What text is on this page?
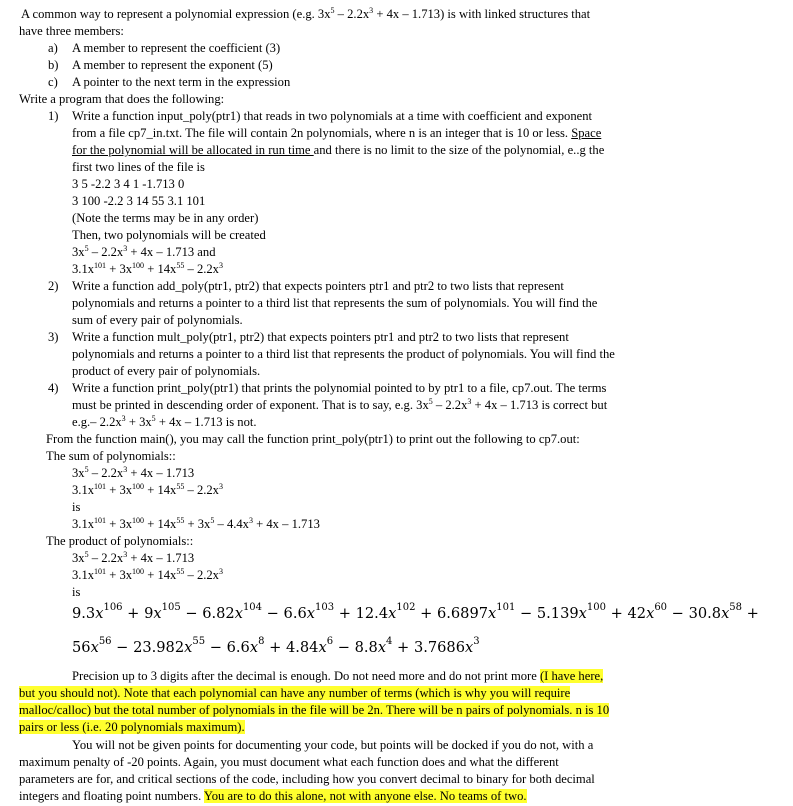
A common way to represent a polynomial expression (e.g. $3x^5 - 2.2x^3 + 4x - 1.713$) is with linked structures that
have three members:
a) A member to represent the coefficient (3)
b) A member to represent the exponent (5)
c) A pointer to the next term in the expression
Write a program that does the following:
1) Write a function input_poly(ptr1) that reads in two polynomials at a time with coefficient and exponent
from a file cp7_in.txt. The file will contain 2n polynomials, where n is an integer that is 10 or less. Space
for the polynomial will be allocated in run time and there is no limit to the size of the polynomial, e..g the
first two lines of the file is
3 5 -2.2 3 4 1 -1.713 0
3 100 -2.2 3 14 55 3.1 101
(Note the terms may be in any order)
Then, two polynomials will be created
$3x^5 - 2.2x^3 + 4x - 1.713$ and
$3.1x^{101} + 3x^{100} + 14x^{55} - 2.2x^3$
2) Write a function add_poly(ptr1, ptr2) that expects pointers ptr1 and ptr2 to two lists that represent
polynomials and returns a pointer to a third list that represents the sum of polynomials. You will find the
sum of every pair of polynomials.
3) Write a function mult_poly(ptr1, ptr2) that expects pointers ptr1 and ptr2 to two lists that represent
polynomials and returns a pointer to a third list that represents the product of polynomials. You will find the
product of every pair of polynomials.
4) Write a function print_poly(ptr1) that prints the polynomial pointed to by ptr1 to a file, cp7.out. The terms
must be printed in descending order of exponent. That is to say, e.g. $3x^5 - 2.2x^3 + 4x - 1.713$ is correct but
e.g.– $2.2x^3 + 3x^5 + 4x - 1.713$ is not.
From the function main(), you may call the function print_poly(ptr1) to print out the following to cp7.out:
The sum of polynomials::
$3x^5 - 2.2x^3 + 4x - 1.713$
$3.1x^{101} + 3x^{100} + 14x^{55} - 2.2x^3$
is
$3.1x^{101} + 3x^{100} + 14x^{55} + 3x^5 - 4.4x^3 + 4x - 1.713$
The product of polynomials::
$3x^5 - 2.2x^3 + 4x - 1.713$
$3.1x^{101} + 3x^{100} + 14x^{55} - 2.2x^3$
is
$9.3x^{106} + 9x^{105} - 6.82x^{104} - 6.6x^{103} + 12.4x^{102} + 6.6897x^{101} - 5.139x^{100} + 42x^{60} - 30.8x^{58}$ +
$56x^{56} - 23.982x^{55} - 6.6x^8 + 4.84x^6 - 8.8x^4 + 3.7686x^3$
Precision up to 3 digits after the decimal is enough. Do not need more and do not print more (I have here,
but you should not). Note that each polynomial can have any number of terms (which is why you will require
malloc/calloc) but the total number of polynomials in the file will be 2n. There will be n pairs of polynomials. n is 10
pairs or less (i.e. 20 polynomials maximum).
You will not be given points for documenting your code, but points will be docked if you do not, with a
maximum penalty of -20 points. Again, you must document what each function does and what the different
parameters are for, and critical sections of the code, including how you convert decimal to binary for both decimal
integers and floating point numbers. You are to do this alone, not with anyone else. No teams of two.
